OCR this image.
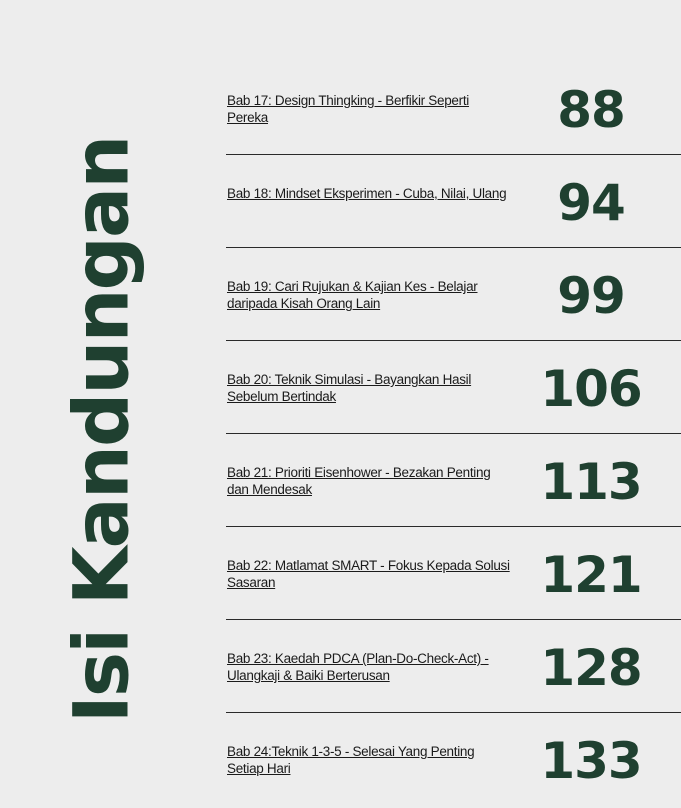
Isi Kandungan
Bab 17: Design Thingking - Berfikir Seperti Pereka	88
Bab 18: Mindset Eksperimen - Cuba, Nilai, Ulang	94
Bab 19: Cari Rujukan & Kajian Kes - Belajar daripada Kisah Orang Lain	99
Bab 20: Teknik Simulasi - Bayangkan Hasil Sebelum Bertindak	106
Bab 21: Prioriti Eisenhower - Bezakan Penting dan Mendesak	113
Bab 22: Matlamat SMART - Fokus Kepada Solusi Sasaran	121
Bab 23: Kaedah PDCA (Plan-Do-Check-Act) - Ulangkaji & Baiki Berterusan	128
Bab 24:Teknik 1-3-5 - Selesai Yang Penting Setiap Hari	133
